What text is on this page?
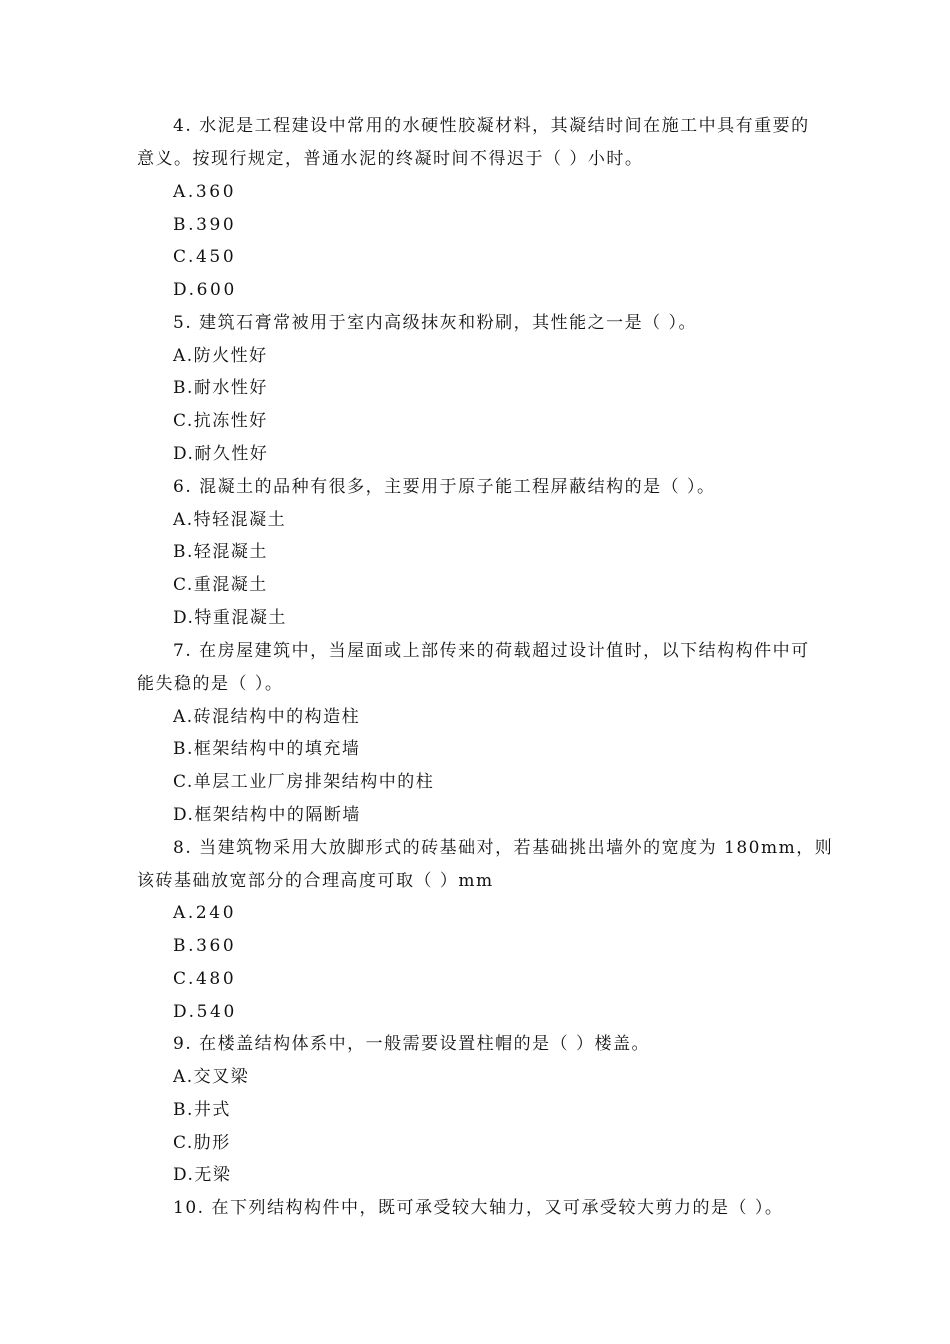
4. 水泥是工程建设中常用的水硬性胶凝材料，其凝结时间在施工中具有重要的
意义。按现行规定，普通水泥的终凝时间不得迟于（ ）小时。
A.360
B.390
C.450
D.600
5. 建筑石膏常被用于室内高级抹灰和粉刷，其性能之一是（ ）。
A.防火性好
B.耐水性好
C.抗冻性好
D.耐久性好
6. 混凝土的品种有很多，主要用于原子能工程屏蔽结构的是（ ）。
A.特轻混凝土
B.轻混凝土
C.重混凝土
D.特重混凝土
7. 在房屋建筑中，当屋面或上部传来的荷载超过设计值时，以下结构构件中可
能失稳的是（ ）。
A.砖混结构中的构造柱
B.框架结构中的填充墙
C.单层工业厂房排架结构中的柱
D.框架结构中的隔断墙
8. 当建筑物采用大放脚形式的砖基础对，若基础挑出墙外的宽度为 180mm，则
该砖基础放宽部分的合理高度可取（ ）mm
A.240
B.360
C.480
D.540
9. 在楼盖结构体系中，一般需要设置柱帽的是（ ）楼盖。
A.交叉梁
B.井式
C.肋形
D.无梁
10. 在下列结构构件中，既可承受较大轴力，又可承受较大剪力的是（ ）。
